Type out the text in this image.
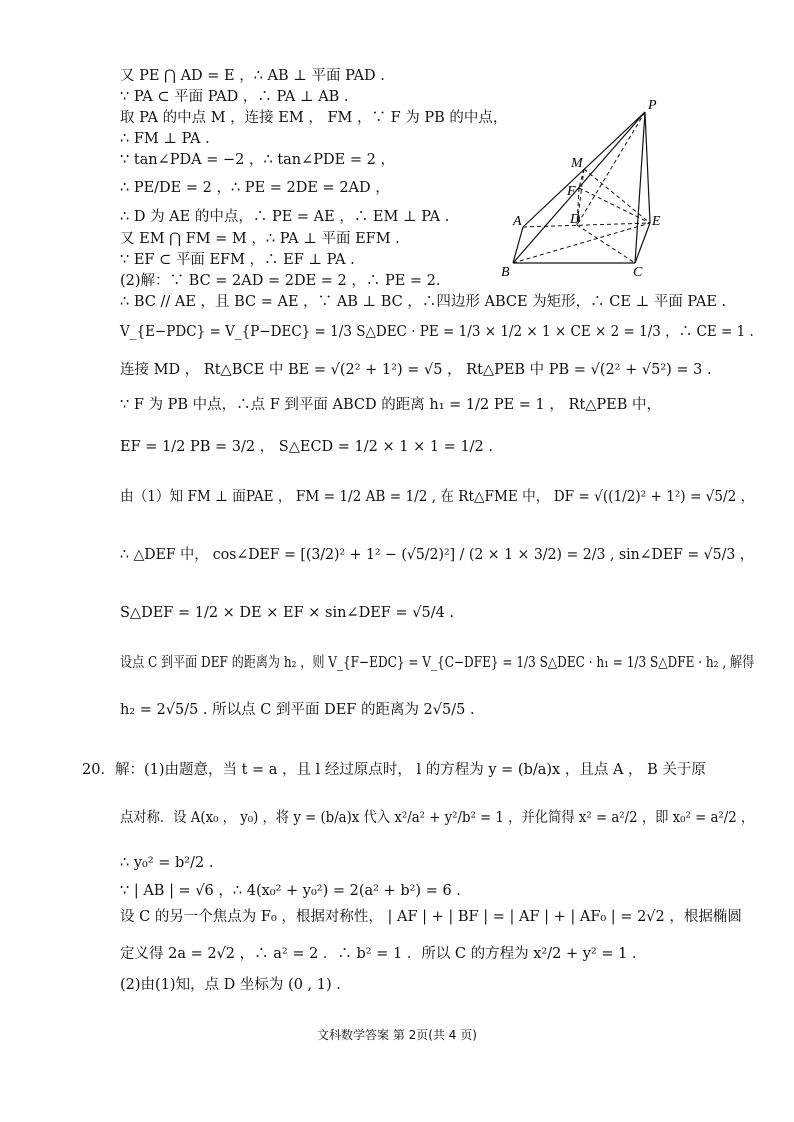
P
M
F
A	D	E
B	C
又 PE ⋂ AD = E ，∴ AB ⊥ 平面 PAD .
∵ PA ⊂ 平面 PAD ，∴ PA ⊥ AB .
取 PA 的中点 M ，连接 EM ， FM ，∵ F 为 PB 的中点，
∴ FM ⊥ PA .
∵ tan∠PDA = −2 ，∴ tan∠PDE = 2 ，
∴ PE/DE = 2 ，∴ PE = 2DE = 2AD ，
∴ D 为 AE 的中点，∴ PE = AE ，∴ EM ⊥ PA .
又 EM ⋂ FM = M ，∴ PA ⊥ 平面 EFM .
∵ EF ⊂ 平面 EFM ，∴ EF ⊥ PA .
(2)解：∵ BC = 2AD = 2DE = 2 ，∴ PE = 2.
∴ BC // AE ，且 BC = AE ，∵ AB ⊥ BC ，∴四边形 ABCE 为矩形，∴ CE ⊥ 平面 PAE .
V_{E−PDC} = V_{P−DEC} = 1/3 S△DEC · PE = 1/3 × 1/2 × 1 × CE × 2 = 1/3 ，∴ CE = 1 .
连接 MD ， Rt△BCE 中 BE = √(2² + 1²) = √5 ， Rt△PEB 中 PB = √(2² + √5²) = 3 .
∵ F 为 PB 中点，∴点 F 到平面 ABCD 的距离 h₁ = 1/2 PE = 1 ， Rt△PEB 中，
EF = 1/2 PB = 3/2 ， S△ECD = 1/2 × 1 × 1 = 1/2 .
由（1）知 FM ⊥ 面PAE ， FM = 1/2 AB = 1/2 , 在 Rt△FME 中， DF = √((1/2)² + 1²) = √5/2 ，
∴ △DEF 中， cos∠DEF = [(3/2)² + 1² − (√5/2)²] / (2 × 1 × 3/2) = 2/3 , sin∠DEF = √5/3 ，
S△DEF = 1/2 × DE × EF × sin∠DEF = √5/4 .
设点 C 到平面 DEF 的距离为 h₂ ，则 V_{F−EDC} = V_{C−DFE} = 1/3 S△DEC · h₁ = 1/3 S△DFE · h₂ , 解得
h₂ = 2√5/5 . 所以点 C 到平面 DEF 的距离为 2√5/5 .
20．解：(1)由题意，当 t = a ，且 l 经过原点时， l 的方程为 y = (b/a)x ，且点 A ， B 关于原
点对称．设 A(x₀ ， y₀) ，将 y = (b/a)x 代入 x²/a² + y²/b² = 1 ，并化简得 x² = a²/2 ，即 x₀² = a²/2 ，
∴ y₀² = b²/2 .
∵ | AB | = √6 ，∴ 4(x₀² + y₀²) = 2(a² + b²) = 6 .
设 C 的另一个焦点为 F₀ ，根据对称性， | AF | + | BF | = | AF | + | AF₀ | = 2√2 ，根据椭圆
定义得 2a = 2√2 ，∴ a² = 2 ．∴ b² = 1 ．所以 C 的方程为 x²/2 + y² = 1 .
(2)由(1)知，点 D 坐标为 (0 , 1) .
文科数学答案 第 2页(共 4 页)
